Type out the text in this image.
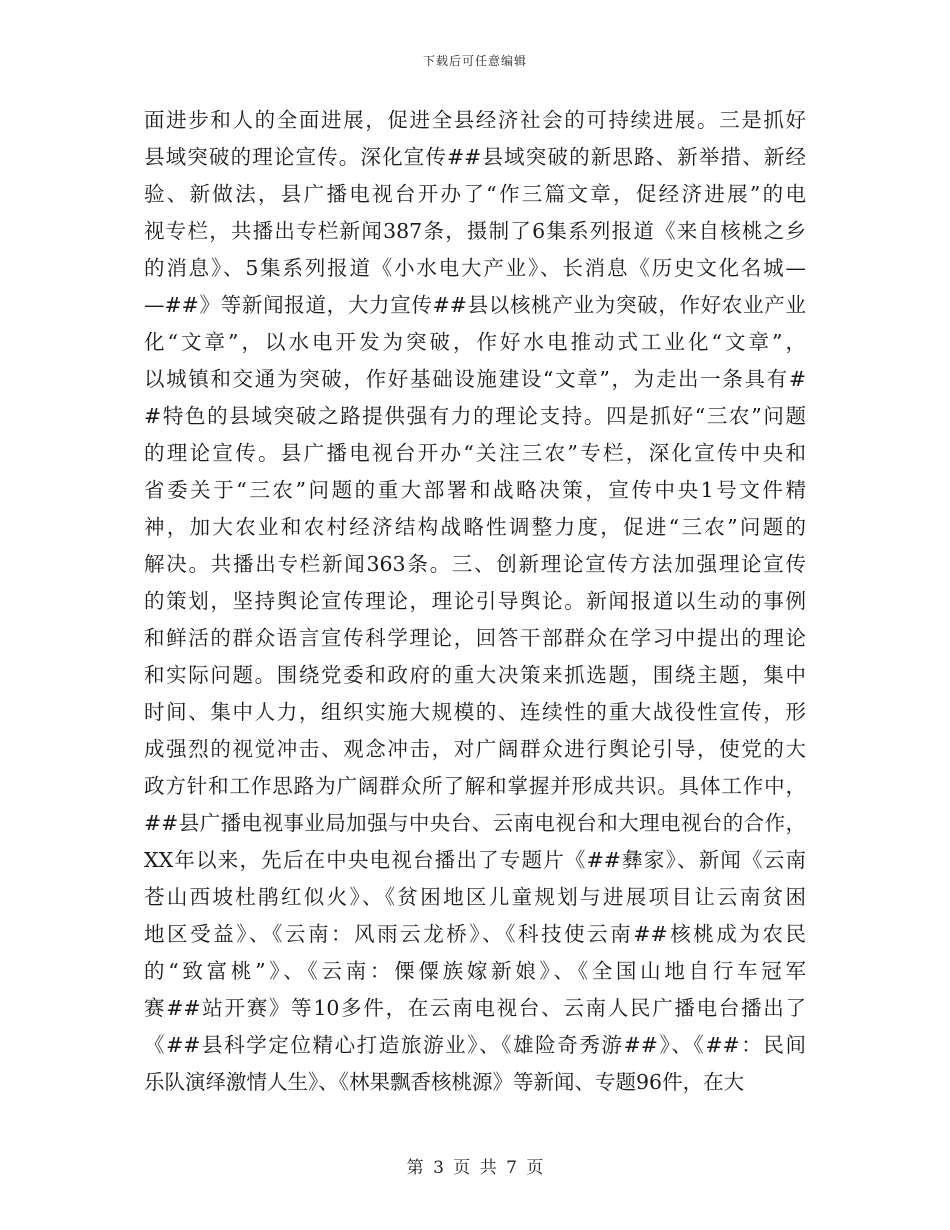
下载后可任意编辑
面进步和人的全面进展，促进全县经济社会的可持续进展。三是抓好
县域突破的理论宣传。深化宣传##县域突破的新思路、新举措、新经
验、新做法，县广播电视台开办了“作三篇文章，促经济进展”的电
视专栏，共播出专栏新闻387条，摄制了6集系列报道《来自核桃之乡
的消息》、5集系列报道《小水电大产业》、长消息《历史文化名城—
—##》等新闻报道，大力宣传##县以核桃产业为突破，作好农业产业
化“文章”，以水电开发为突破，作好水电推动式工业化“文章”，
以城镇和交通为突破，作好基础设施建设“文章”，为走出一条具有#
#特色的县域突破之路提供强有力的理论支持。四是抓好“三农”问题
的理论宣传。县广播电视台开办“关注三农”专栏，深化宣传中央和
省委关于“三农”问题的重大部署和战略决策，宣传中央1号文件精
神，加大农业和农村经济结构战略性调整力度，促进“三农”问题的
解决。共播出专栏新闻363条。三、创新理论宣传方法加强理论宣传
的策划，坚持舆论宣传理论，理论引导舆论。新闻报道以生动的事例
和鲜活的群众语言宣传科学理论，回答干部群众在学习中提出的理论
和实际问题。围绕党委和政府的重大决策来抓选题，围绕主题，集中
时间、集中人力，组织实施大规模的、连续性的重大战役性宣传，形
成强烈的视觉冲击、观念冲击，对广阔群众进行舆论引导，使党的大
政方针和工作思路为广阔群众所了解和掌握并形成共识。具体工作中，
##县广播电视事业局加强与中央台、云南电视台和大理电视台的合作，
XX年以来，先后在中央电视台播出了专题片《##彝家》、新闻《云南
苍山西坡杜鹃红似火》、《贫困地区儿童规划与进展项目让云南贫困
地区受益》、《云南：风雨云龙桥》、《科技使云南##核桃成为农民
的“致富桃”》、《云南：傈僳族嫁新娘》、《全国山地自行车冠军
赛##站开赛》等10多件，在云南电视台、云南人民广播电台播出了
《##县科学定位精心打造旅游业》、《雄险奇秀游##》、《##：民间
乐队演绎激情人生》、《林果飘香核桃源》等新闻、专题96件，在大
第 3 页 共 7 页
